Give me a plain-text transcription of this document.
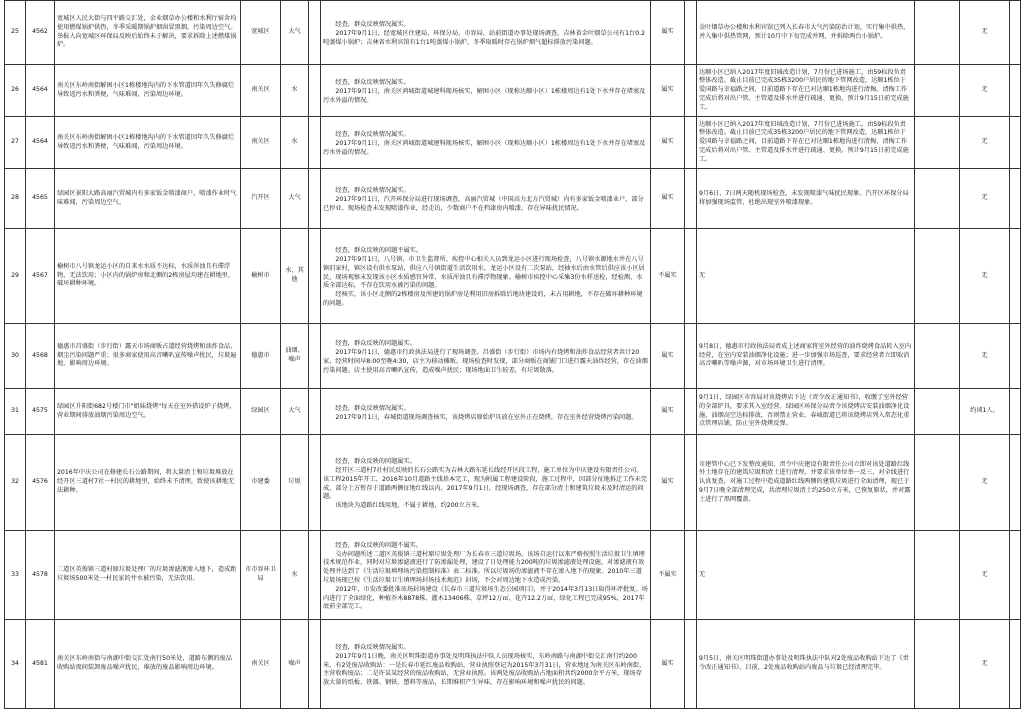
25	4562	宽城区人民大街与四平路交汇处，金业烟草办公楼和水利厅宿舍均使用燃煤锅炉供热，冬季采暖期锅炉烟囱冒黑烟，污染周边空气。举报人向宽城区环保局反映后始终未于解决，要求拆除上述燃煤锅炉。	宽城区	大气		经查，群众反映情况属实。

2017年9月1日，经宽城区住建局、环保分局、市容局、站前街道办事处现场调查，吉林省金叶烟草公司有1台0.2吨蒸煤小锅炉；吉林省水利宾馆有1台1吨蒸煤小锅炉，冬季取暖时存在锅炉烟气超标排放污染问题。	属实		金叶烟草办公楼和水利宾馆已列入长春市大气污染防治计划，实行集中供热，并入集中供热管网，预计10月中下旬完成并网，并拆除两台小锅炉。		无	
26	4564	南关区东岭南街解困小区1栋楼地沟内的下水管道因年久失修腐烂导致返污水和粪便，气味难闻，污染周边环境。	南关区	水		经查，群众反映情况属实。

2017年9月1日，南关区鸿城街道城建科现场核实，解困小区（现称达顺小区）1栋楼周边有1处下水井存在堵塞及污水外溢的情况。	属实		达顺小区已纳入2017年度旧城改造计划，7月份已进场施工，由59标段负责整体改造。截止目前已完成35栋3200户居民的地下管网改造，达顺1栋位于爱国路与幸福路之间，目前道路下存在已对达顺1栋地沟进行清掏，清掏工作完成后将对出户管、主管道及排水井进行疏通、更换，预计9月15日前完成施工。		无	
27	4564	南关区东岭南街解困小区1栋楼地沟内的下水管道因年久失修腐烂导致返污水和粪便，气味难闻，污染周边环境。	南关区	水		经查，群众反映情况属实。

2017年9月1日，南关区鸿城街道城建科现场核实，解困小区（现称达顺小区）1栋楼周边有1处下水井存在堵塞及污水外溢的情况。	属实		达顺小区已纳入2017年度旧城改造计划，7月份已进场施工，由59标段负责整体改造。截止目前已完成35栋3200户居民的地下管网改造，达顺1栋位于爱国路与幸福路之间，目前道路下存在已对达顺1栋地沟进行清掏，清掏工作完成后将对出户管、主管道及排水井进行疏通、更换，预计9月15日前完成施工。		无	
28	4565	绿园区景阳大路高丽汽贸城内有多家钣金喷漆商户，喷漆作业时气味难闻，污染周边空气。	汽开区	大气		经查，群众反映情况属实。

2017年9月1日，汽开环保分局进行现场调查，高丽汽贸城（中国高力北方汽贸城）内有多家钣金喷漆业户，部分已停业。现场检查未发现喷漆作业，经走访，少数商户不在档漆房内喷漆，存在异味扰民情况。	属实		9月6日、7日两天随机现场检查，未发现喷漆气味扰民现象。汽开区环保分局将加强现场监管，杜绝出现室外喷漆现象。		无	
29	4567	榆树市八号镇龙运小区的自来水水质不达标，水质浑浊且有滞浮物，无法饮用；小区内的锅炉房和北侧的2栋房屋均建在耕地里，破坏耕种环境。	榆树市	水、其他		经查，群众反映的问题不属实。

2017年9月1日，八号镇、市卫生监督所、疾控中心相关人员到龙运小区进行现场检查，八号镇水源地水井在八号镇旧家村，镇区设有供水泵站，供应八号镇街道生活饮用水，龙运小区设有二次泵站，经抽水后由水管后供应该小区居民，现场观察未发现该小区水质感官异常，水质浑浊且有滞浮物现象。榆树市疾控中心采集3份水样送检，经检测，水质全部达标，不存在饮用水被污染的问题。

经核实，该小区北侧的2栋楼房及所建的锅炉房是利用旧房拆除后地块建设的，未占用耕地，不存在破坏耕种环境的问题。	不属实		无		无	
30	4568	德惠市昌盛街（步行街）露天市场商贩占道经营烧烤和油炸食品，烟尘污染问题严重；很多商家使用高音喇叭宣传噪声扰民，垃圾遍地，影响周边环境。	德惠市	油烟、噪声		经查，群众反映的问题属实。

2017年9月1日，德惠市行政执法局进行了现场调查。昌盛街（步行街）市场内有烧烤和油炸食品经营者共计20家，经营时间早8:00至晚4:30，店主为移动摊贩。现场检查时发现，部分商贩在商铺门口进行露天油炸经营，存在油烟污染问题。店主使用高音喇叭宣传，造成噪声扰民；现场地面卫生较差，有垃圾散落。	属实		9月8日，德惠市行政执法局责成上述商家将室外经营的油炸烧烤食品转入室内经营，在室内安装油烟净化设施；进一步加强市场巡查，要求经营者立即取消高音喇叭等噪声源，对市场环境卫生进行清理。		无	
31	4575	绿园区升阳街682号楼门市"姐妹烧烤"每天在室外搭设炉子烧烤，营业期间排放油烟污染周边空气。	绿园区	大气		经查，群众反映情况属实。

2017年9月1日，春城街道现场调查核实，该烧烤店原始炉具放在室外正在烧烤，存在室外经营烧烤污染问题。	属实		9月1日，绿园区市容局对该烧烤店下达《责令改正通知书》，收缴了室外经营的全部炉具，要求其入室经营。绿园区环保分局责令该烧烤店安装油烟净化设施，油烟高空达标排放，否则禁止营业。春城街道已将该烧烤店列入常态化重点管理店铺，防止室外烧烤反弹。		约谈1人。	
32	4576	2016年中庆公司在修建长石公路期间，将大量渣土和垃圾堆放在经开区三道村7社一村民的耕地里，始终未予清理，致使该耕地无法耕种。	市建委	垃圾		经查，群众反映的问题属实。

经开区三道村7社村民反映的长石公路实为吉林大路东延长线经开区段工程，施工单位为中庆建设有限责任公司。该工程2015年开工，2016年10月道路主线基本完工，现为附属工程建设阶段，施工过程中，因部分征地拆迁工作未完成，部分土方暂存于道路两侧征地红线以内。2017年9月1日，经现场调查，存在部分渣土和建筑垃圾未及时清运的问题。

该地块为道路红线用地，不属于耕地，约200立方米。	属实		市建管中心已下发整改通知，责令中庆建设有限责任公司立即对该处道路红线外土地存在的建筑垃圾和渣土进行清理，并要求该单位举一反三，对全线进行认真复查，对施工过程中造成道路红线两侧的建筑垃圾进行全面清理，现已于9月7日晚全部清理完成，共清理垃圾渣土约250立方米，已恢复原状，并对露土进行了黑网覆盖。		无	
33	4578	二道区英俊镇三道村原垃圾处理厂的垃圾渗滤液渗入地下，造成距垃圾场500米处一村民家的井水被污染，无法饮用。	市市容环卫局	水		经查，群众反映的问题不属实。

交办问题所述二道区英俊镇三道村原垃圾处理厂为长春市三道垃圾场。该场自运行以来严格按照生活垃圾卫生填埋技术规范作业，同时对垃圾渗滤液进行了防渗漏处理，建设了日处理能力200吨的垃圾渗滤液处理设施，对渗滤液有效处理并达到了《生活垃圾填埋场污染控制标准》表二标准。所以垃圾场的渗滤液不存在渗入地下的现象。2010年三道垃圾场现已按《生活垃圾卫生填埋场封场技术规范》封场，不会对周边地下水造成污染。

2012年，市发改委批准该场封场建设《长春市三道垃圾场生态公园项目》，并于2014年3月13日取得环评批复。场内进行了全面绿化，种植乔木8878株、灌木13406株、草坪12万㎡、花卉12.2万㎡，绿化工程已完成95%，2017年底前全部完工。	不属实		无		无	
34	4581	南关区东岭南街与南湖中街交汇处南行50米处，道路东侧的废品收购站夜间装卸废品噪声扰民，堆放的废品影响周边环境。	南关区	噪声		经查，群众反映情况属实。

2017年9月1日晚，南关区明珠街道办事处及明珠执法中队人员现场核实，东岭南路与南湖中街交汇南行约200米，有2处废品收购站：一是长春市延红废品收购站，营业执照登记为2015年3月31日，营业地址为南关区东岭南街，主营收购废品；二是许某某经营的废品收购站，无营业执照。该两处废品收购站占地面积共约2000余平方米，现场存放大量的纸板、铁器、钢铁、塑料等废品，长期堆积产生异味，存在影响环境和噪声扰民的问题。	属实		9月5日，南关区明珠街道办事处及明珠执法中队对2处废品收购站下达了《责令改正通知书》，目前，2处废品收购站内废品与垃圾已经清理完毕。		无	
